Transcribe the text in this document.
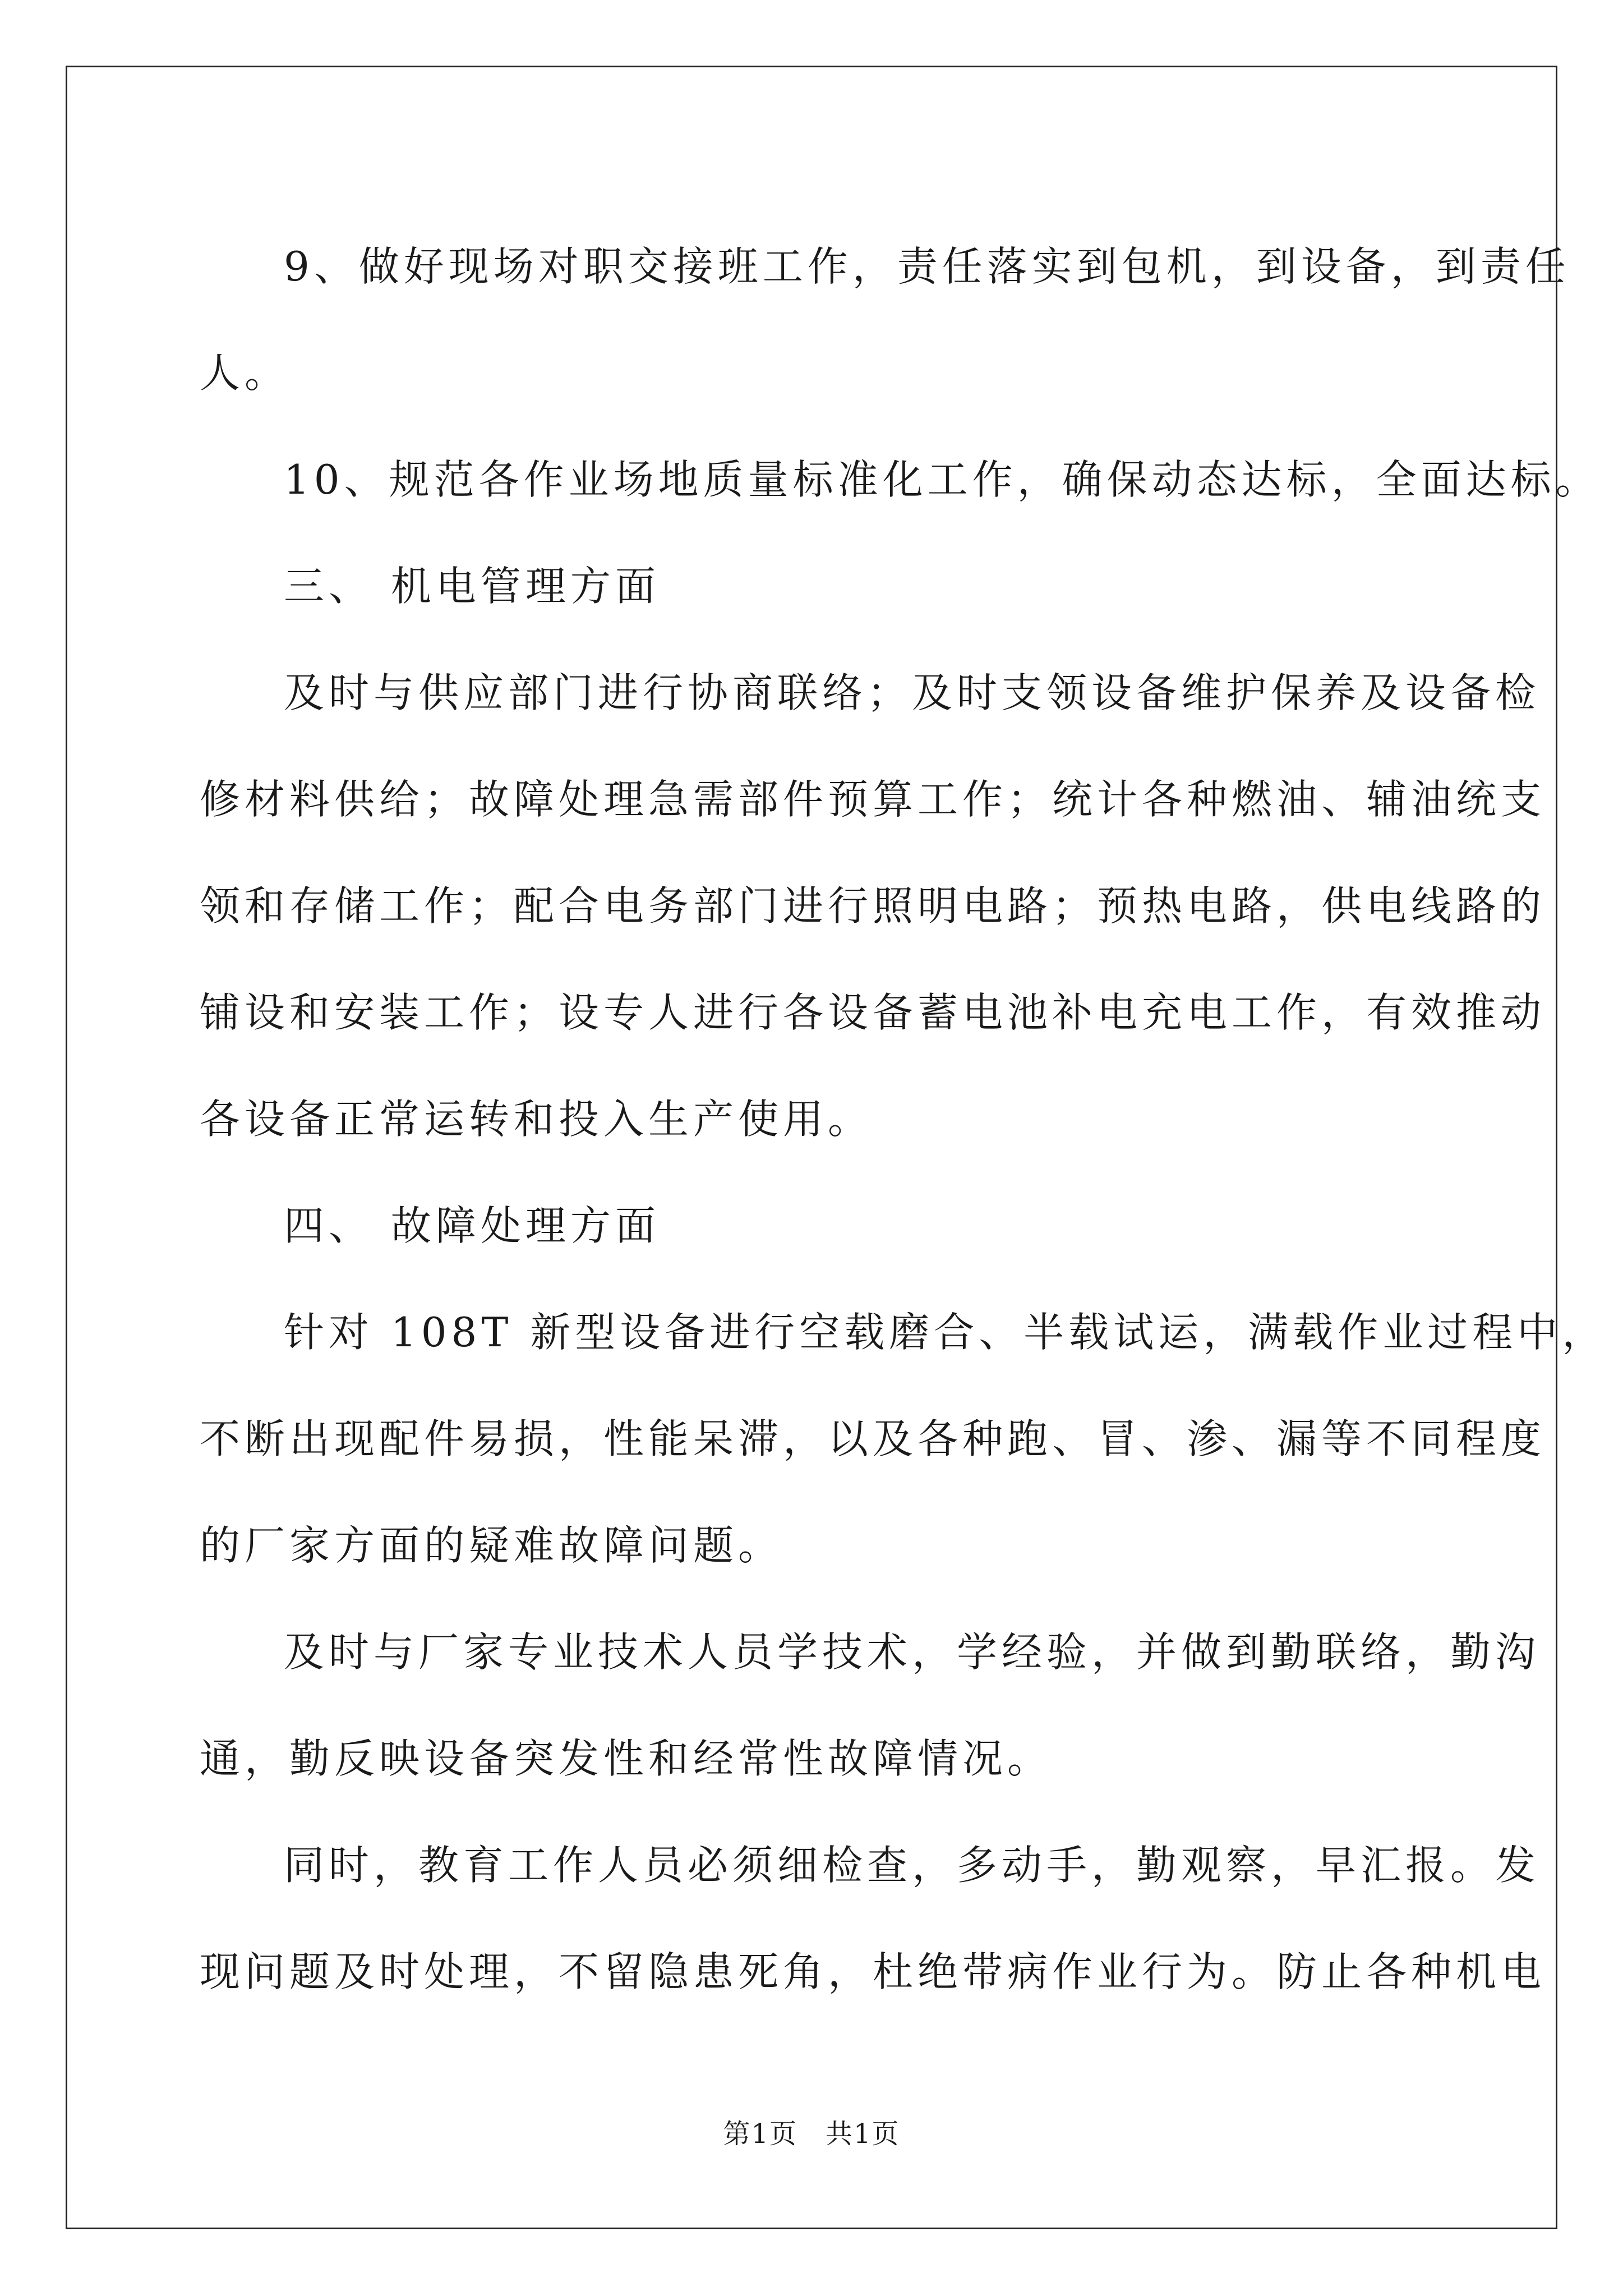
9、做好现场对职交接班工作，责任落实到包机，到设备，到责任
人。
10、规范各作业场地质量标准化工作，确保动态达标，全面达标。
三、 机电管理方面
及时与供应部门进行协商联络；及时支领设备维护保养及设备检
修材料供给；故障处理急需部件预算工作；统计各种燃油、辅油统支
领和存储工作；配合电务部门进行照明电路；预热电路，供电线路的
铺设和安装工作；设专人进行各设备蓄电池补电充电工作，有效推动
各设备正常运转和投入生产使用。
四、 故障处理方面
针对 108T 新型设备进行空载磨合、半载试运，满载作业过程中，
不断出现配件易损，性能呆滞，以及各种跑、冒、渗、漏等不同程度
的厂家方面的疑难故障问题。
及时与厂家专业技术人员学技术，学经验，并做到勤联络，勤沟
通，勤反映设备突发性和经常性故障情况。
同时，教育工作人员必须细检查，多动手，勤观察，早汇报。发
现问题及时处理，不留隐患死角，杜绝带病作业行为。防止各种机电
第1页　共1页
